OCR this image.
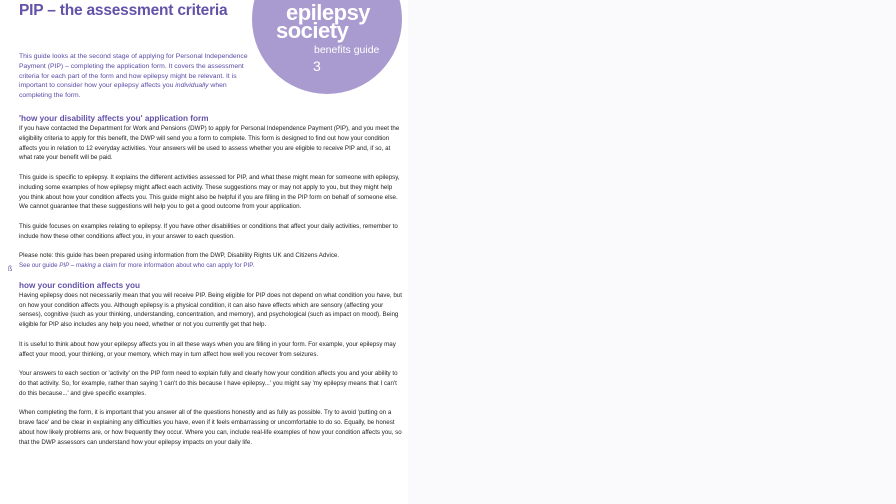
PIP – the assessment criteria	epilepsy
society
benefits guide
3
This guide looks at the second stage of applying for Personal Independence Payment (PIP) – completing the application form. It covers the assessment criteria for each part of the form and how epilepsy might be relevant. It is important to consider how your epilepsy affects you individually when completing the form.
ß
'how your disability affects you' application form

If you have contacted the Department for Work and Pensions (DWP) to apply for Personal Independence Payment (PIP), and you meet the eligibility criteria to apply for this benefit, the DWP will send you a form to complete. This form is designed to find out how your condition affects you in relation to 12 everyday activities. Your answers will be used to assess whether you are eligible to receive PIP and, if so, at what rate your benefit will be paid.

This guide is specific to epilepsy. It explains the different activities assessed for PIP, and what these might mean for someone with epilepsy, including some examples of how epilepsy might affect each activity. These suggestions may or may not apply to you, but they might help you think about how your condition affects you. This guide might also be helpful if you are filling in the PIP form on behalf of someone else. We cannot guarantee that these suggestions will help you to get a good outcome from your application.

This guide focuses on examples relating to epilepsy. If you have other disabilities or conditions that affect your daily activities, remember to include how these other conditions affect you, in your answer to each question.

Please note: this guide has been prepared using information from the DWP, Disability Rights UK and Citizens Advice.

See our guide PIP – making a claim for more information about who can apply for PIP.

how your condition affects you

Having epilepsy does not necessarily mean that you will receive PIP. Being eligible for PIP does not depend on what condition you have, but on how your condition affects you. Although epilepsy is a physical condition, it can also have effects which are sensory (affecting your senses), cognitive (such as your thinking, understanding, concentration, and memory), and psychological (such as impact on mood). Being eligible for PIP also includes any help you need, whether or not you currently get that help.

It is useful to think about how your epilepsy affects you in all these ways when you are filling in your form. For example, your epilepsy may affect your mood, your thinking, or your memory, which may in turn affect how well you recover from seizures.

Your answers to each section or 'activity' on the PIP form need to explain fully and clearly how your condition affects you and your ability to do that activity. So, for example, rather than saying 'I can't do this because I have epilepsy...' you might say 'my epilepsy means that I can't do this because...' and give specific examples.

When completing the form, it is important that you answer all of the questions honestly and as fully as possible. Try to avoid 'putting on a brave face' and be clear in explaining any difficulties you have, even if it feels embarrassing or uncomfortable to do so. Equally, be honest about how likely problems are, or how frequently they occur. Where you can, include real-life examples of how your condition affects you, so that the DWP assessors can understand how your epilepsy impacts on your daily life.
